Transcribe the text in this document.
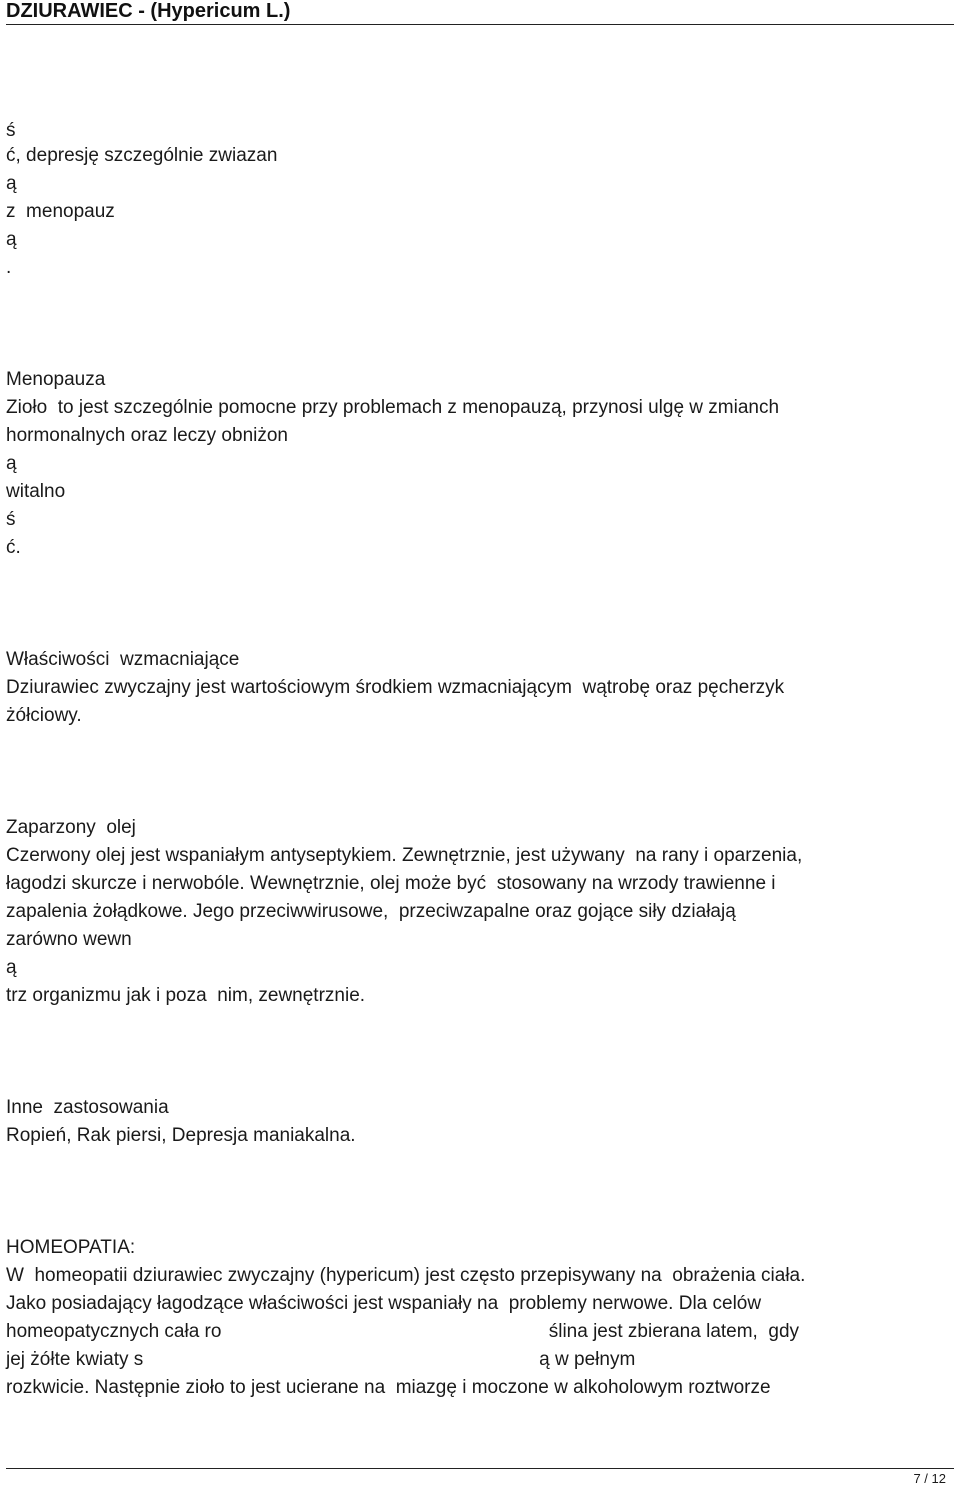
DZIURAWIEC - (Hypericum L.)

ś

ć, depresję szczególnie zwiazan

ą

z  menopauz

ą

.

Menopauza

Zioło  to jest szczególnie pomocne przy problemach z menopauzą, przynosi ulgę w zmianch

hormonalnych oraz leczy obniżon

ą

witalno

ś

ć.

Właściwości  wzmacniające

Dziurawiec zwyczajny jest wartościowym środkiem wzmacniającym  wątrobę oraz pęcherzyk

żółciowy.

Zaparzony  olej

Czerwony olej jest wspaniałym antyseptykiem. Zewnętrznie, jest używany  na rany i oparzenia,

łagodzi skurcze i nerwobóle. Wewnętrznie, olej może być  stosowany na wrzody trawienne i

zapalenia żołądkowe. Jego przeciwwirusowe,  przeciwzapalne oraz gojące siły działają

zarówno wewn

ą

trz organizmu jak i poza  nim, zewnętrznie.

Inne  zastosowania

Ropień, Rak piersi, Depresja maniakalna.

HOMEOPATIA:

W  homeopatii dziurawiec zwyczajny (hypericum) jest często przepisywany na  obrażenia ciała.

Jako posiadający łagodzące właściwości jest wspaniały na  problemy nerwowe. Dla celów

homeopatycznych cała ro                                                              ślina jest zbierana latem,  gdy

jej żółte kwiaty s                                                                           ą w pełnym

rozkwicie. Następnie zioło to jest ucierane na  miazgę i moczone w alkoholowym roztworze

7 / 12
